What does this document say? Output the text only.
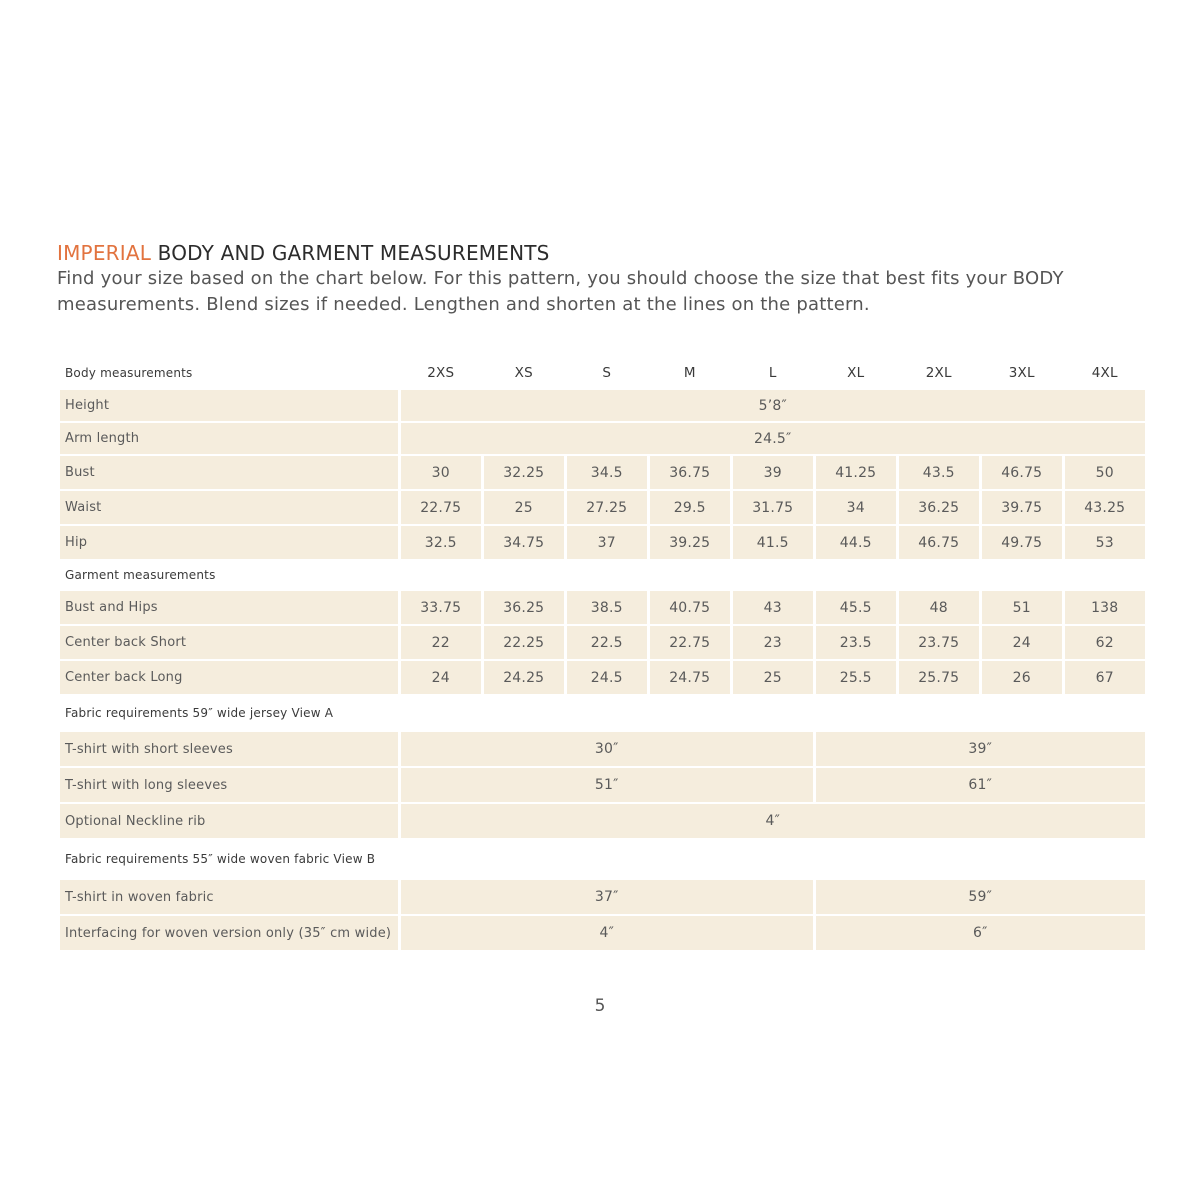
IMPERIAL BODY AND GARMENT MEASUREMENTS

Find your size based on the chart below. For this pattern, you should choose the size that best fits your BODY

measurements. Blend sizes if needed. Lengthen and shorten at the lines on the pattern.

Body measurements	2XS	XS	S	M	L	XL	2XL	3XL	4XL
Height	5’8″
Arm length	24.5″
Bust	30	32.25	34.5	36.75	39	41.25	43.5	46.75	50
Waist	22.75	25	27.25	29.5	31.75	34	36.25	39.75	43.25
Hip	32.5	34.75	37	39.25	41.5	44.5	46.75	49.75	53
Garment measurements
Bust and Hips	33.75	36.25	38.5	40.75	43	45.5	48	51	138
Center back Short	22	22.25	22.5	22.75	23	23.5	23.75	24	62
Center back Long	24	24.25	24.5	24.75	25	25.5	25.75	26	67
Fabric requirements 59″ wide jersey View A
T-shirt with short sleeves	30″	39″
T-shirt with long sleeves	51″	61″
Optional Neckline rib	4″
Fabric requirements 55″ wide woven fabric View B
T-shirt in woven fabric	37″	59″
Interfacing for woven version only (35″ cm wide)	4″	6″
5
